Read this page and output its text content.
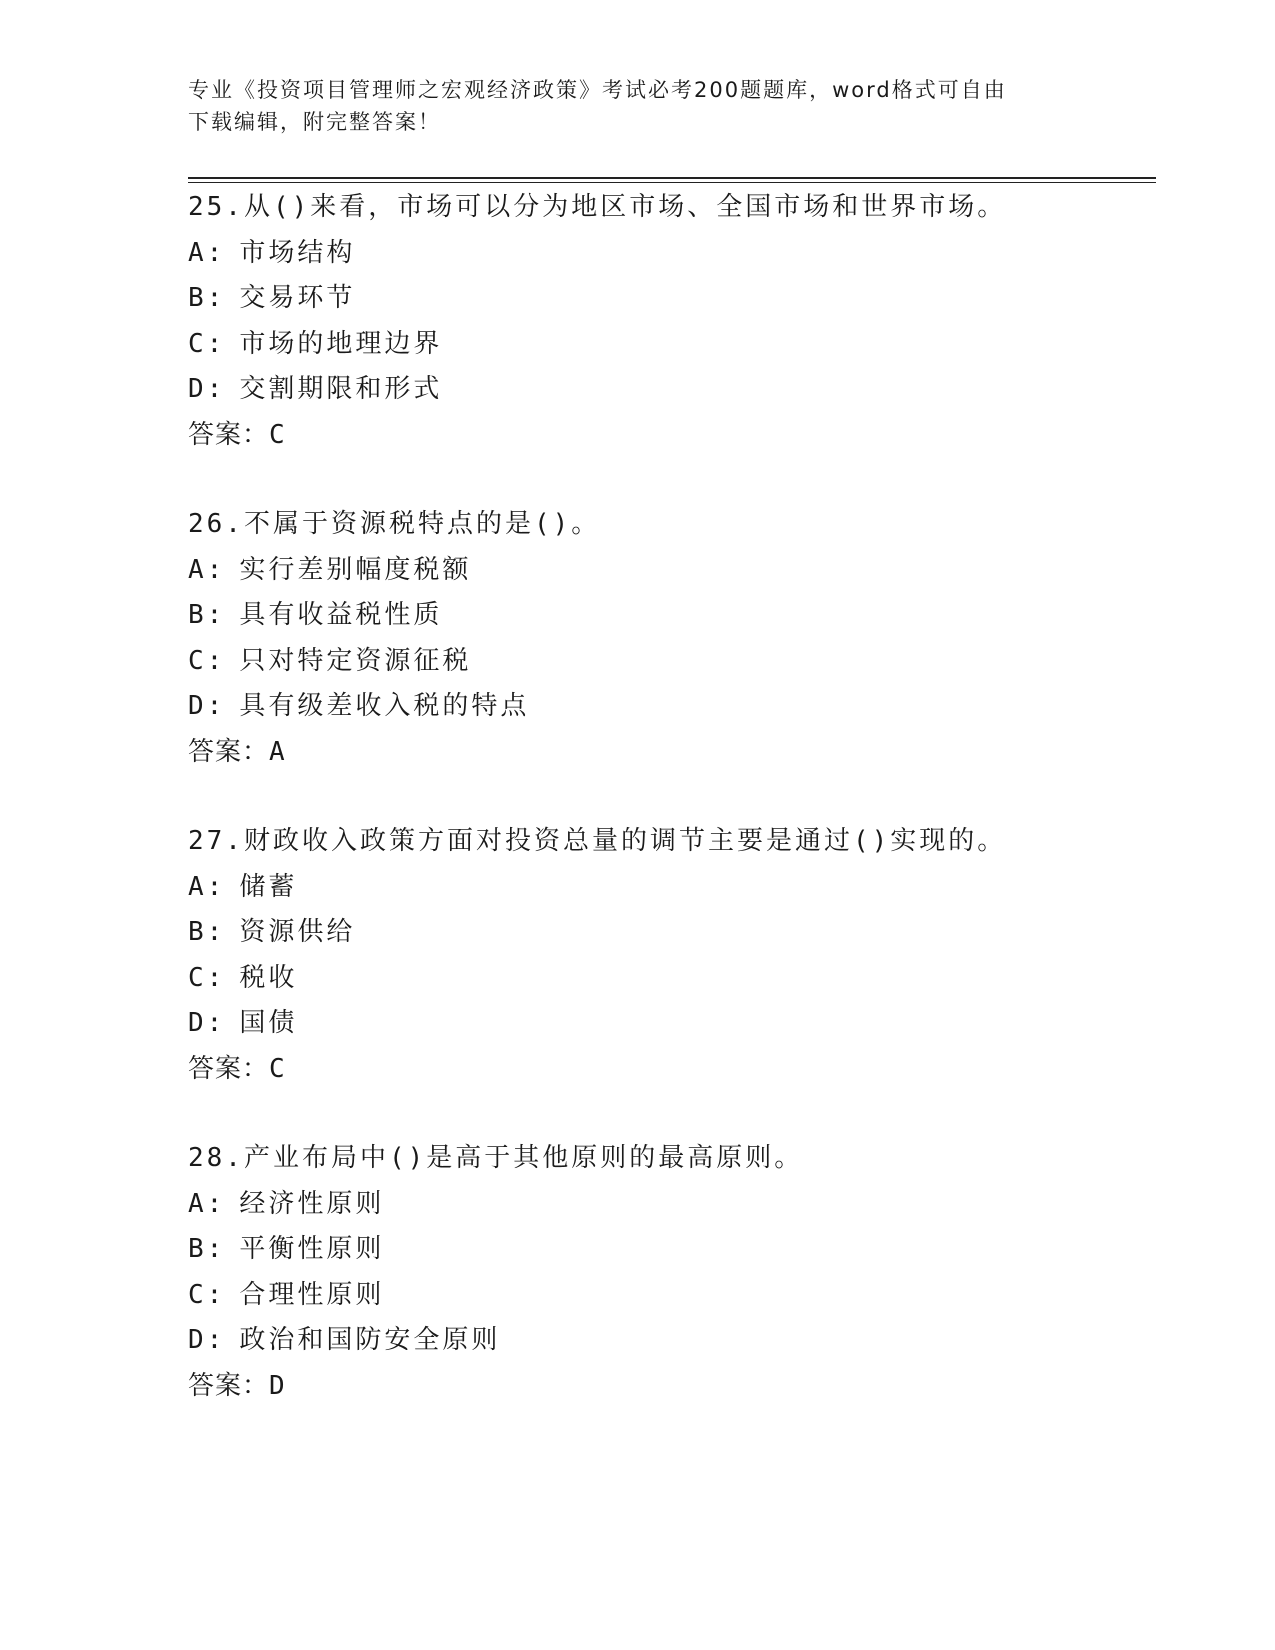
专业《投资项目管理师之宏观经济政策》考试必考200题题库，word格式可自由
下载编辑，附完整答案！
25.从()来看，市场可以分为地区市场、全国市场和世界市场。
A: 市场结构
B: 交易环节
C: 市场的地理边界
D: 交割期限和形式
答案：C
26.不属于资源税特点的是()。
A: 实行差别幅度税额
B: 具有收益税性质
C: 只对特定资源征税
D: 具有级差收入税的特点
答案：A
27.财政收入政策方面对投资总量的调节主要是通过()实现的。
A: 储蓄
B: 资源供给
C: 税收
D: 国债
答案：C
28.产业布局中()是高于其他原则的最高原则。
A: 经济性原则
B: 平衡性原则
C: 合理性原则
D: 政治和国防安全原则
答案：D
